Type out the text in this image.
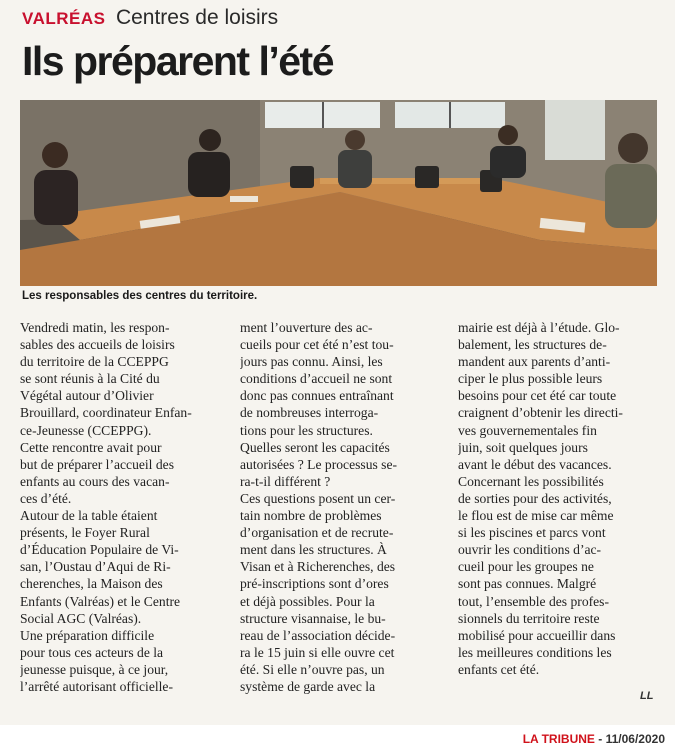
VALRÉAS Centres de loisirs
Ils préparent l’été
Les responsables des centres du territoire.
Vendredi matin, les respon-
sables des accueils de loisirs
du territoire de la CCEPPG
se sont réunis à la Cité du
Végétal autour d’Olivier
Brouillard, coordinateur Enfan-
ce-Jeunesse (CCEPPG).
Cette rencontre avait pour
but de préparer l’accueil des
enfants au cours des vacan-
ces d’été.
Autour de la table étaient
présents, le Foyer Rural
d’Éducation Populaire de Vi-
san, l’Oustau d’Aqui de Ri-
cherenches, la Maison des
Enfants (Valréas) et le Centre
Social AGC (Valréas).
Une préparation difficile
pour tous ces acteurs de la
jeunesse puisque, à ce jour,
l’arrêté autorisant officielle-
ment l’ouverture des ac-
cueils pour cet été n’est tou-
jours pas connu. Ainsi, les
conditions d’accueil ne sont
donc pas connues entraînant
de nombreuses interroga-
tions pour les structures.
Quelles seront les capacités
autorisées ? Le processus se-
ra-t-il différent ?
Ces questions posent un cer-
tain nombre de problèmes
d’organisation et de recrute-
ment dans les structures. À
Visan et à Richerenches, des
pré-inscriptions sont d’ores
et déjà possibles. Pour la
structure visannaise, le bu-
reau de l’association décide-
ra le 15 juin si elle ouvre cet
été. Si elle n’ouvre pas, un
système de garde avec la
mairie est déjà à l’étude. Glo-
balement, les structures de-
mandent aux parents d’anti-
ciper le plus possible leurs
besoins pour cet été car toute
craignent d’obtenir les directi-
ves gouvernementales fin
juin, soit quelques jours
avant le début des vacances.
Concernant les possibilités
de sorties pour des activités,
le flou est de mise car même
si les piscines et parcs vont
ouvrir les conditions d’ac-
cueil pour les groupes ne
sont pas connues. Malgré
tout, l’ensemble des profes-
sionnels du territoire reste
mobilisé pour accueillir dans
les meilleures conditions les
enfants cet été.
LL
LA TRIBUNE - 11/06/2020
